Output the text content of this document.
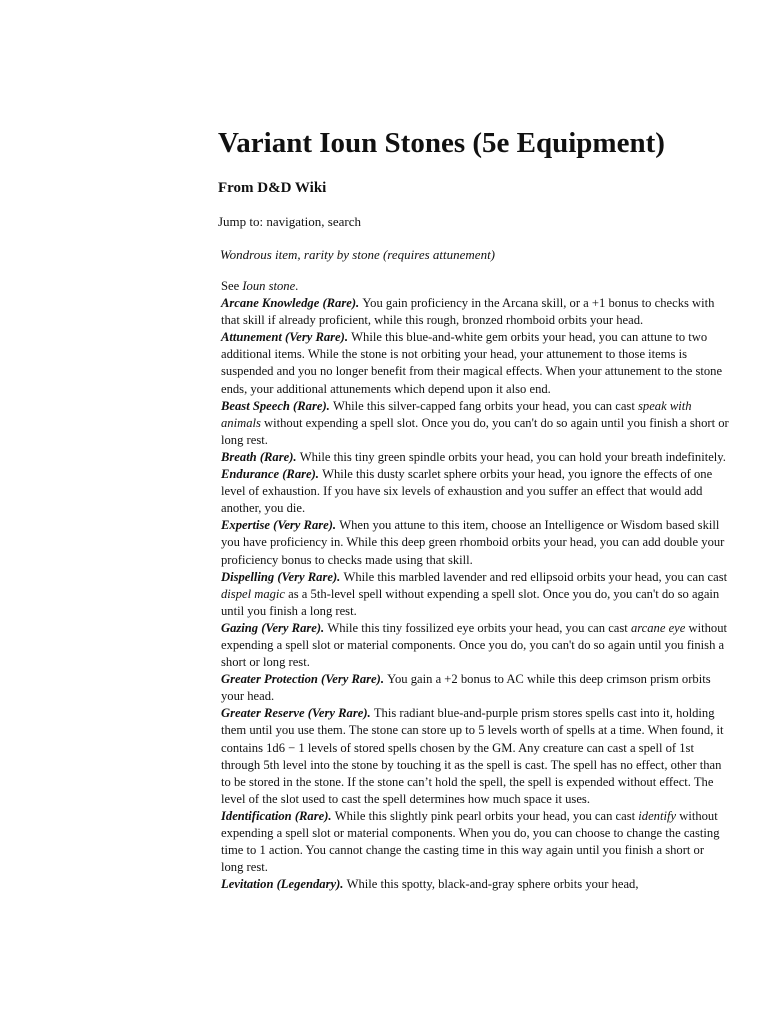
Variant Ioun Stones (5e Equipment)
From D&D Wiki
Jump to: navigation, search
Wondrous item, rarity by stone (requires attunement)

See Ioun stone.

Arcane Knowledge (Rare). You gain proficiency in the Arcana skill, or a +1 bonus to checks with that skill if already proficient, while this rough, bronzed rhomboid orbits your head.

Attunement (Very Rare). While this blue-and-white gem orbits your head, you can attune to two additional items. While the stone is not orbiting your head, your attunement to those items is suspended and you no longer benefit from their magical effects. When your attunement to the stone ends, your additional attunements which depend upon it also end.

Beast Speech (Rare). While this silver-capped fang orbits your head, you can cast speak with animals without expending a spell slot. Once you do, you can't do so again until you finish a short or long rest.

Breath (Rare). While this tiny green spindle orbits your head, you can hold your breath indefinitely.

Endurance (Rare). While this dusty scarlet sphere orbits your head, you ignore the effects of one level of exhaustion. If you have six levels of exhaustion and you suffer an effect that would add another, you die.

Expertise (Very Rare). When you attune to this item, choose an Intelligence or Wisdom based skill you have proficiency in. While this deep green rhomboid orbits your head, you can add double your proficiency bonus to checks made using that skill.

Dispelling (Very Rare). While this marbled lavender and red ellipsoid orbits your head, you can cast dispel magic as a 5th-level spell without expending a spell slot. Once you do, you can't do so again until you finish a long rest.

Gazing (Very Rare). While this tiny fossilized eye orbits your head, you can cast arcane eye without expending a spell slot or material components. Once you do, you can't do so again until you finish a short or long rest.

Greater Protection (Very Rare). You gain a +2 bonus to AC while this deep crimson prism orbits your head.

Greater Reserve (Very Rare). This radiant blue-and-purple prism stores spells cast into it, holding them until you use them. The stone can store up to 5 levels worth of spells at a time. When found, it contains 1d6 − 1 levels of stored spells chosen by the GM. Any creature can cast a spell of 1st through 5th level into the stone by touching it as the spell is cast. The spell has no effect, other than to be stored in the stone. If the stone can’t hold the spell, the spell is expended without effect. The level of the slot used to cast the spell determines how much space it uses.

Identification (Rare). While this slightly pink pearl orbits your head, you can cast identify without expending a spell slot or material components. When you do, you can choose to change the casting time to 1 action. You cannot change the casting time in this way again until you finish a short or long rest.

Levitation (Legendary). While this spotty, black-and-gray sphere orbits your head,
